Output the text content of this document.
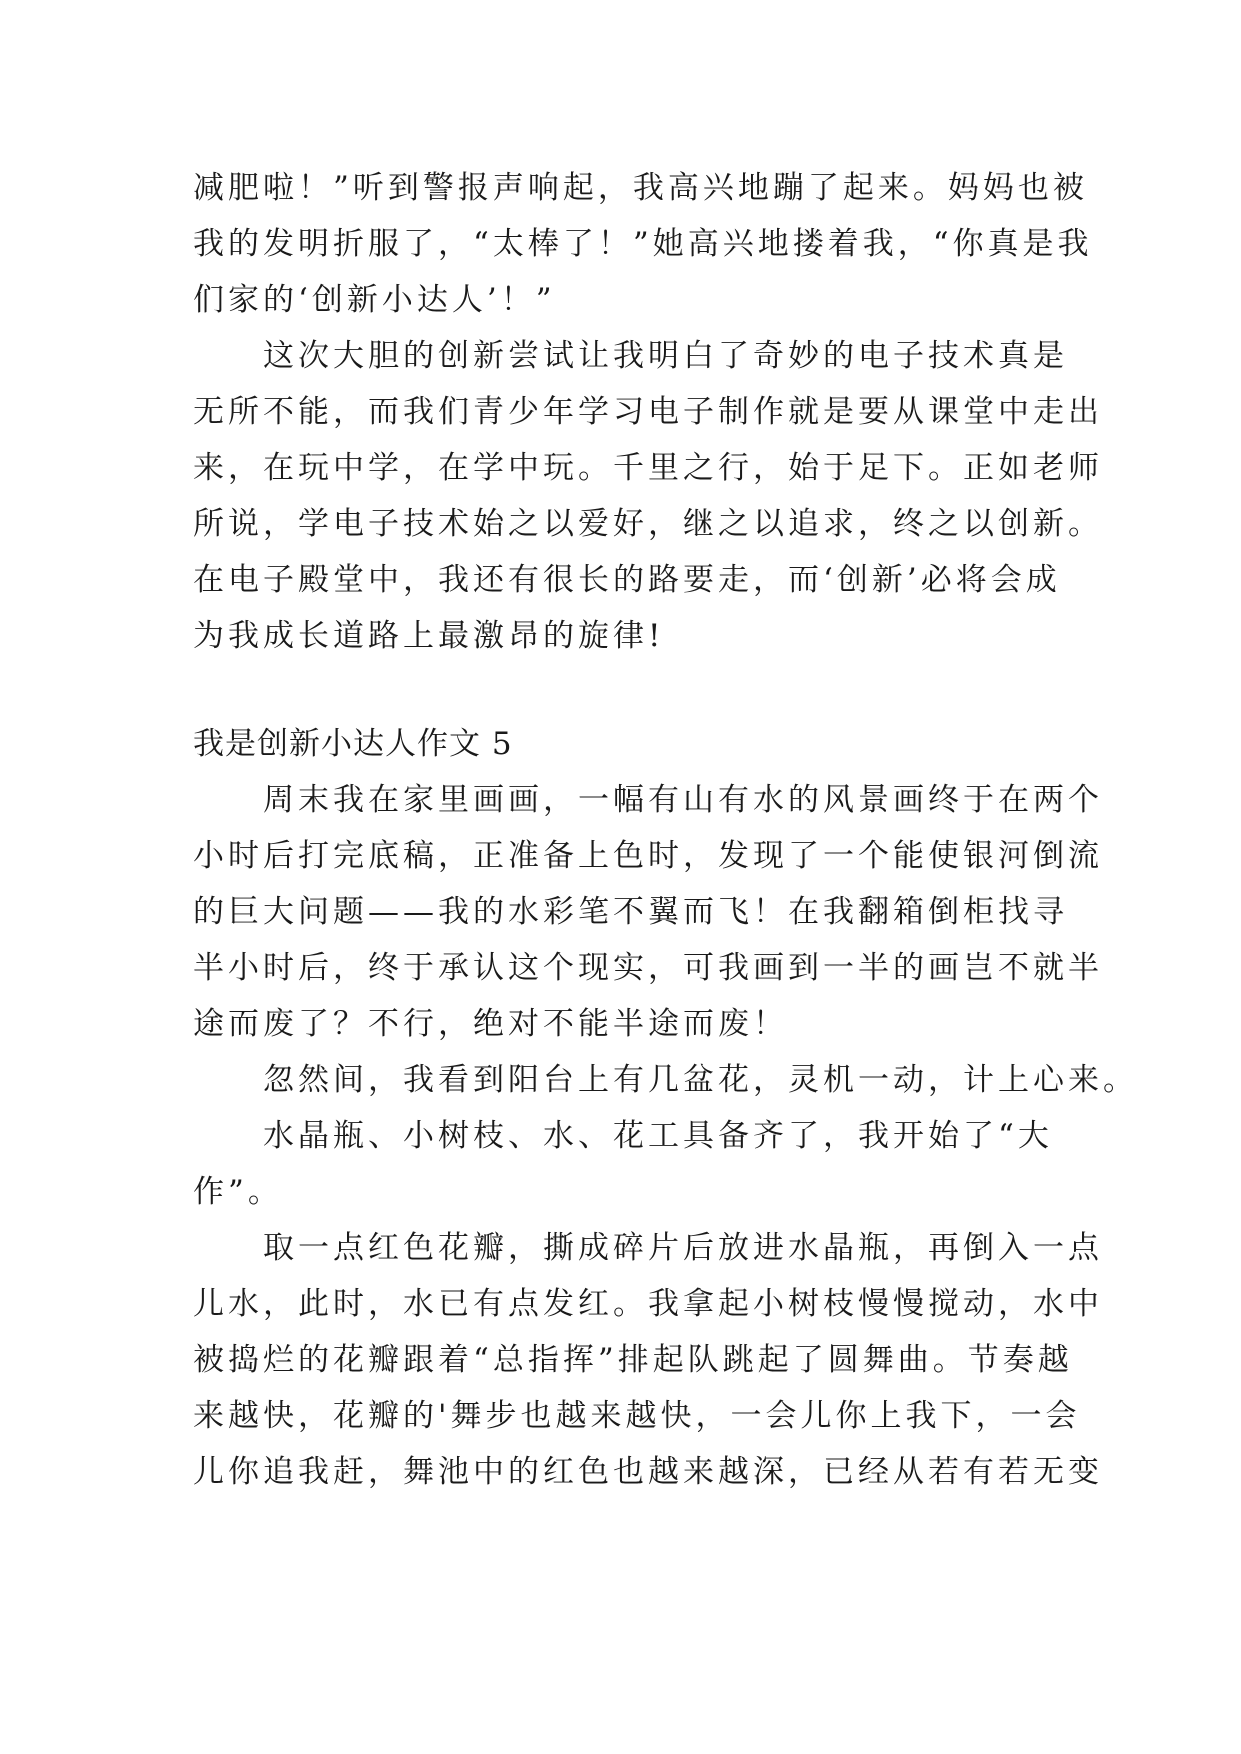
减肥啦！”听到警报声响起，我高兴地蹦了起来。妈妈也被
我的发明折服了，“太棒了！”她高兴地搂着我，“你真是我
们家的‘创新小达人’！”
这次大胆的创新尝试让我明白了奇妙的电子技术真是
无所不能，而我们青少年学习电子制作就是要从课堂中走出
来，在玩中学，在学中玩。千里之行，始于足下。正如老师
所说，学电子技术始之以爱好，继之以追求，终之以创新。
在电子殿堂中，我还有很长的路要走，而‘创新’必将会成
为我成长道路上最激昂的旋律!
我是创新小达人作文 5
周末我在家里画画，一幅有山有水的风景画终于在两个
小时后打完底稿，正准备上色时，发现了一个能使银河倒流
的巨大问题——我的水彩笔不翼而飞！在我翻箱倒柜找寻
半小时后，终于承认这个现实，可我画到一半的画岂不就半
途而废了？不行，绝对不能半途而废！
忽然间，我看到阳台上有几盆花，灵机一动，计上心来。
水晶瓶、小树枝、水、花工具备齐了，我开始了“大
作”。
取一点红色花瓣，撕成碎片后放进水晶瓶，再倒入一点
儿水，此时，水已有点发红。我拿起小树枝慢慢搅动，水中
被捣烂的花瓣跟着“总指挥”排起队跳起了圆舞曲。节奏越
来越快，花瓣的'舞步也越来越快，一会儿你上我下，一会
儿你追我赶，舞池中的红色也越来越深，已经从若有若无变
